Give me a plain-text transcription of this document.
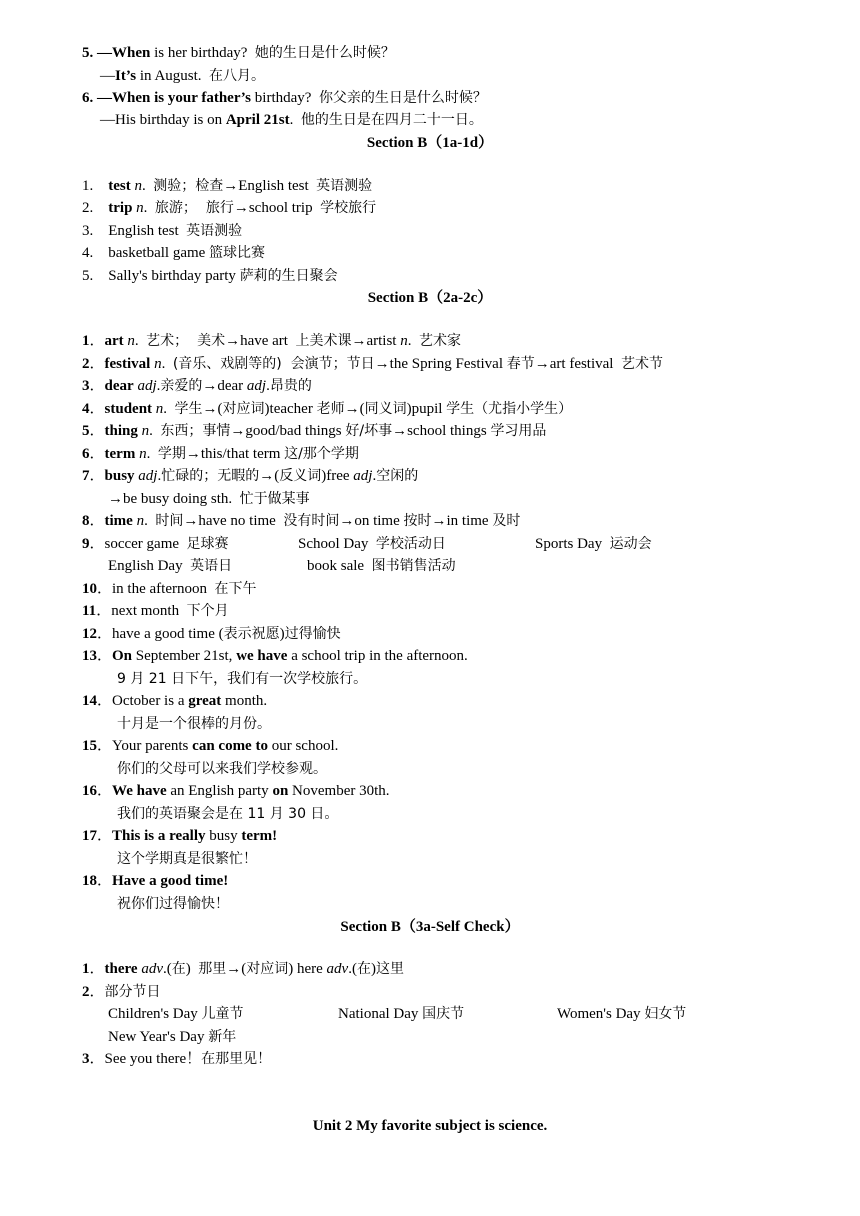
5. —When is her birthday?  她的生日是什么时候？
—It’s in August.  在八月。
6. —When is your father’s birthday?  你父亲的生日是什么时候？
—His birthday is on April 21st.  他的生日是在四月二十一日。
Section B（1a-1d）
1.    test n.  测验；检查→English test  英语测验
2.    trip n.  旅游；  旅行→school trip  学校旅行
3.    English test  英语测验
4.    basketball game 篮球比赛
5.    Sally's birthday party 萨莉的生日聚会
Section B（2a-2c）
1．art n.  艺术；  美术→have art  上美术课→artist n.  艺术家
2．festival n.  (音乐、戏剧等的)  会演节；节日→the Spring Festival 春节→art festival  艺术节
3．dear adj.亲爱的→dear adj.昂贵的
4．student n.  学生→(对应词)teacher 老师→(同义词)pupil 学生（尤指小学生）
5．thing n.  东西；事情→good/bad things 好/坏事→school things 学习用品
6．term n.  学期→this/that term 这/那个学期
7．busy adj.忙碌的；无暇的→(反义词)free adj.空闲的
→be busy doing sth.  忙于做某事
8．time n.  时间→have no time  没有时间→on time 按时→in time 及时
9．soccer game  足球赛	School Day  学校活动日	Sports Day  运动会
English Day  英语日	book sale  图书销售活动
10．in the afternoon  在下午
11．next month  下个月
12．have a good time (表示祝愿)过得愉快
13．On September 21st, we have a school trip in the afternoon.
9 月 21 日下午，我们有一次学校旅行。
14．October is a great month.
十月是一个很棒的月份。
15．Your parents can come to our school.
你们的父母可以来我们学校参观。
16．We have an English party on November 30th.
我们的英语聚会是在 11 月 30 日。
17．This is a really busy term!
这个学期真是很繁忙！
18．Have a good time!
祝你们过得愉快！
Section B（3a-Self Check）
1．there adv.(在)  那里→(对应词) here adv.(在)这里
2．部分节日
Children's Day 儿童节	National Day 国庆节	Women's Day 妇女节
New Year's Day 新年
3．See you there！在那里见！
Unit 2 My favorite subject is science.
